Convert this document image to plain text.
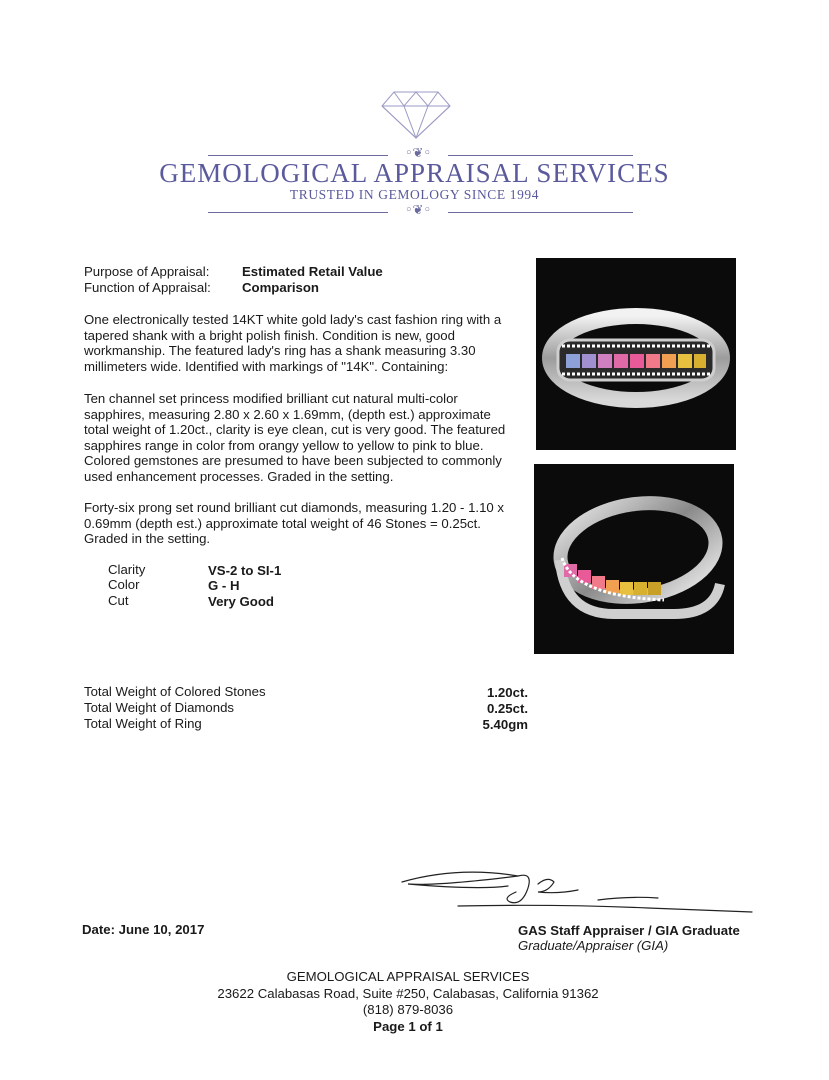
◦❦◦
GEMOLOGICAL APPRAISAL SERVICES
TRUSTED IN GEMOLOGY SINCE 1994
◦❦◦
Purpose of Appraisal: Estimated Retail Value
Function of Appraisal: Comparison
One electronically tested 14KT white gold lady's cast fashion ring with a tapered shank with a bright polish finish. Condition is new, good workmanship. The featured lady's ring has a shank measuring 3.30 millimeters wide. Identified with markings of "14K". Containing:
Ten channel set princess modified brilliant cut natural multi-color sapphires, measuring 2.80 x 2.60 x 1.69mm, (depth est.) approximate total weight of 1.20ct., clarity is eye clean, cut is very good. The featured sapphires range in color from orangy yellow to yellow to pink to blue. Colored gemstones are presumed to have been subjected to commonly used enhancement processes. Graded in the setting.
Forty-six prong set round brilliant cut diamonds, measuring 1.20 - 1.10 x 0.69mm (depth est.) approximate total weight of 46 Stones = 0.25ct. Graded in the setting.
Clarity	VS-2 to SI-1
Color	G - H
Cut	Very Good
Total Weight of Colored Stones	1.20ct.
Total Weight of Diamonds	0.25ct.
Total Weight of Ring	5.40gm
Date: June 10, 2017	GAS Staff Appraiser / GIA Graduate
Graduate/Appraiser (GIA)
GEMOLOGICAL APPRAISAL SERVICES
23622 Calabasas Road, Suite #250, Calabasas, California 91362
(818) 879-8036
Page 1 of 1
